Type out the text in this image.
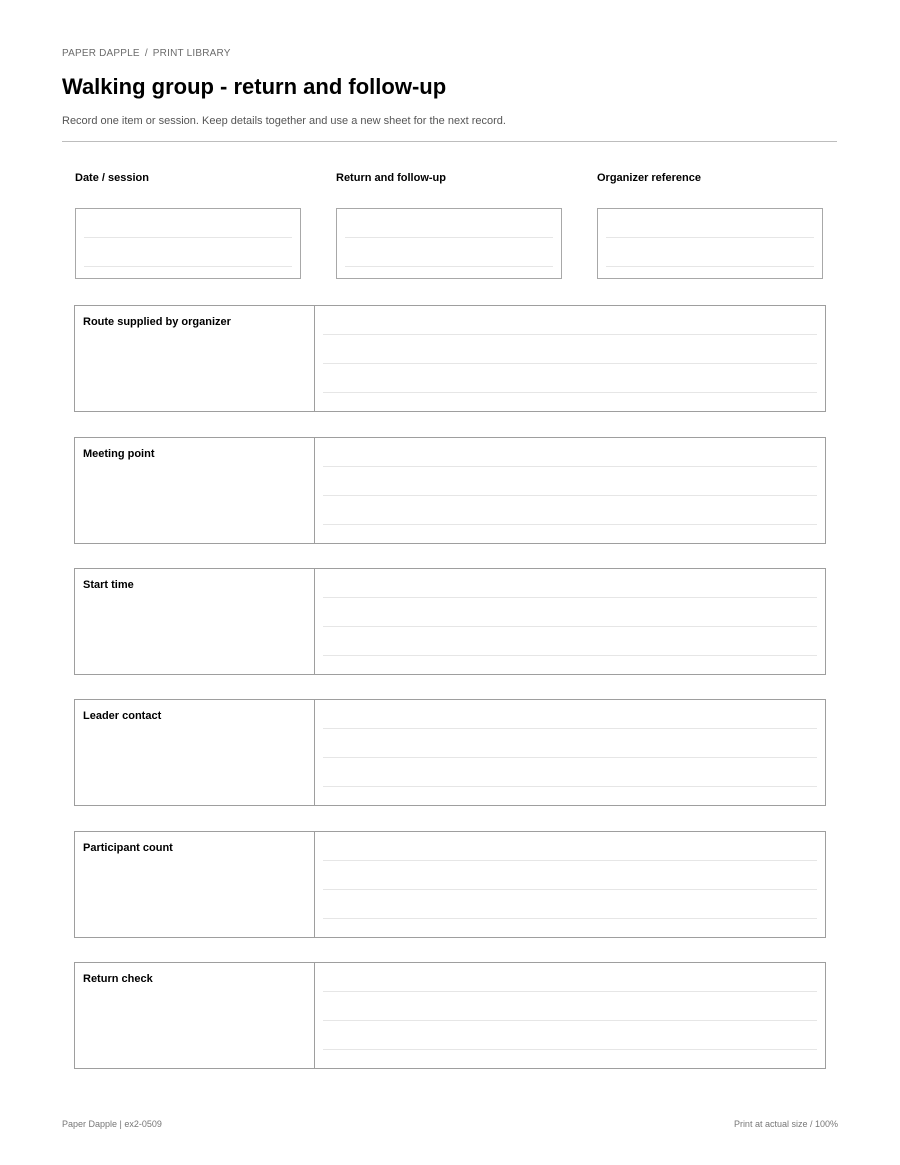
PAPER DAPPLE / PRINT LIBRARY
Walking group - return and follow-up
Record one item or session. Keep details together and use a new sheet for the next record.
Date / session	Return and follow-up	Organizer reference
Route supplied by organizer
Meeting point
Start time
Leader contact
Participant count
Return check
Paper Dapple | ex2-0509	Print at actual size / 100%
